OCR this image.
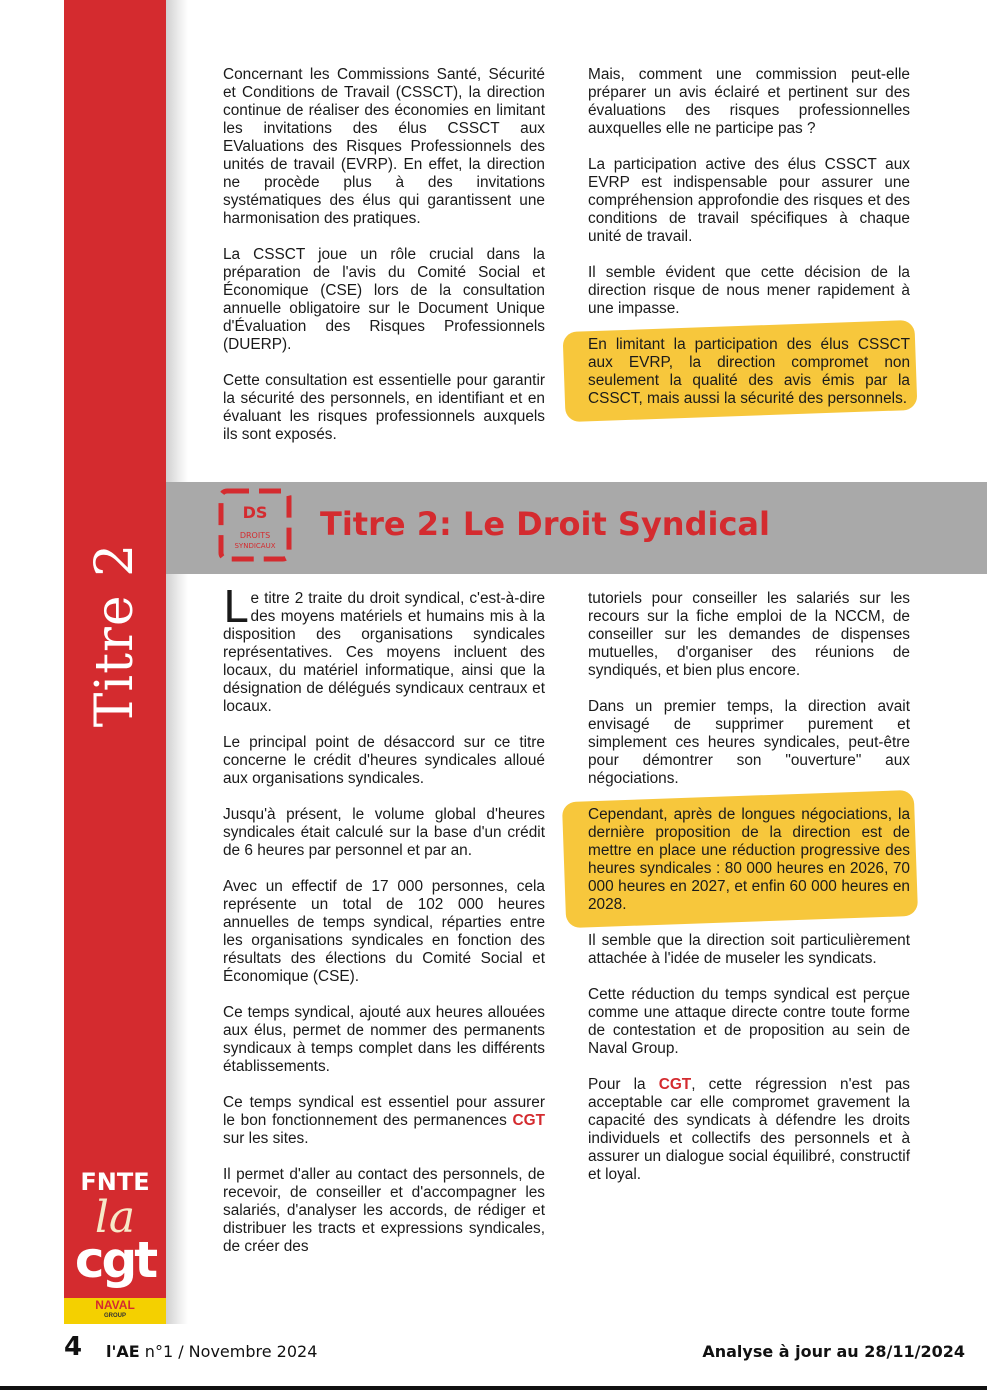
Titre 2
FNTE
la
cgt
NAVAL
GROUP

Concernant les Commissions Santé, Sécurité et Conditions de Travail (CSSCT), la direction continue de réaliser des économies en limitant les invitations des élus CSSCT aux EValuations des Risques Professionnels des unités de travail (EVRP). En effet, la direction ne procède plus à des invitations systématiques des élus qui garantissent une harmonisation des pratiques.

La CSSCT joue un rôle crucial dans la préparation de l'avis du Comité Social et Économique (CSE) lors de la consultation annuelle obligatoire sur le Document Unique d'Évaluation des Risques Professionnels (DUERP).

Cette consultation est essentielle pour garantir la sécurité des personnels, en identifiant et en évaluant les risques professionnels auxquels ils sont exposés.

Mais, comment une commission peut-elle préparer un avis éclairé et pertinent sur des évaluations des risques professionnelles auxquelles elle ne participe pas ?

La participation active des élus CSSCT aux EVRP est indispensable pour assurer une compréhension approfondie des risques et des conditions de travail spécifiques à chaque unité de travail.

Il semble évident que cette décision de la direction risque de nous mener rapidement à une impasse.

En limitant la participation des élus CSSCT aux EVRP, la direction compromet non seulement la qualité des avis émis par la CSSCT, mais aussi la sécurité des personnels.

DS
DROITS
SYNDICAUX
Titre 2: Le Droit Syndical

Le titre 2 traite du droit syndical, c'est-à-dire des moyens matériels et humains mis à la disposition des organisations syndicales représentatives. Ces moyens incluent des locaux, du matériel informatique, ainsi que la désignation de délégués syndicaux centraux et locaux.

Le principal point de désaccord sur ce titre concerne le crédit d'heures syndicales alloué aux organisations syndicales.

Jusqu'à présent, le volume global d'heures syndicales était calculé sur la base d'un crédit de 6 heures par personnel et par an.

Avec un effectif de 17 000 personnes, cela représente un total de 102 000 heures annuelles de temps syndical, réparties entre les organisations syndicales en fonction des résultats des élections du Comité Social et Économique (CSE).

Ce temps syndical, ajouté aux heures allouées aux élus, permet de nommer des permanents syndicaux à temps complet dans les différents établissements.

Ce temps syndical est essentiel pour assurer le bon fonctionnement des permanences CGT sur les sites.

Il permet d'aller au contact des personnels, de recevoir, de conseiller et d'accompagner les salariés, d'analyser les accords, de rédiger et distribuer les tracts et expressions syndicales, de créer des

tutoriels pour conseiller les salariés sur les recours sur la fiche emploi de la NCCM, de conseiller sur les demandes de dispenses mutuelles, d'organiser des réunions de syndiqués, et bien plus encore.

Dans un premier temps, la direction avait envisagé de supprimer purement et simplement ces heures syndicales, peut-être pour démontrer son "ouverture" aux négociations.

Cependant, après de longues négociations, la dernière proposition de la direction est de mettre en place une réduction progressive des heures syndicales : 80 000 heures en 2026, 70 000 heures en 2027, et enfin 60 000 heures en 2028.

Il semble que la direction soit particulièrement attachée à l'idée de museler les syndicats.

Cette réduction du temps syndical est perçue comme une attaque directe contre toute forme de contestation et de proposition au sein de Naval Group.

Pour la CGT, cette régression n'est pas acceptable car elle compromet gravement la capacité des syndicats à défendre les droits individuels et collectifs des personnels et à assurer un dialogue social équilibré, constructif et loyal.

4 l'AE n°1 / Novembre 2024	Analyse à jour au 28/11/2024
